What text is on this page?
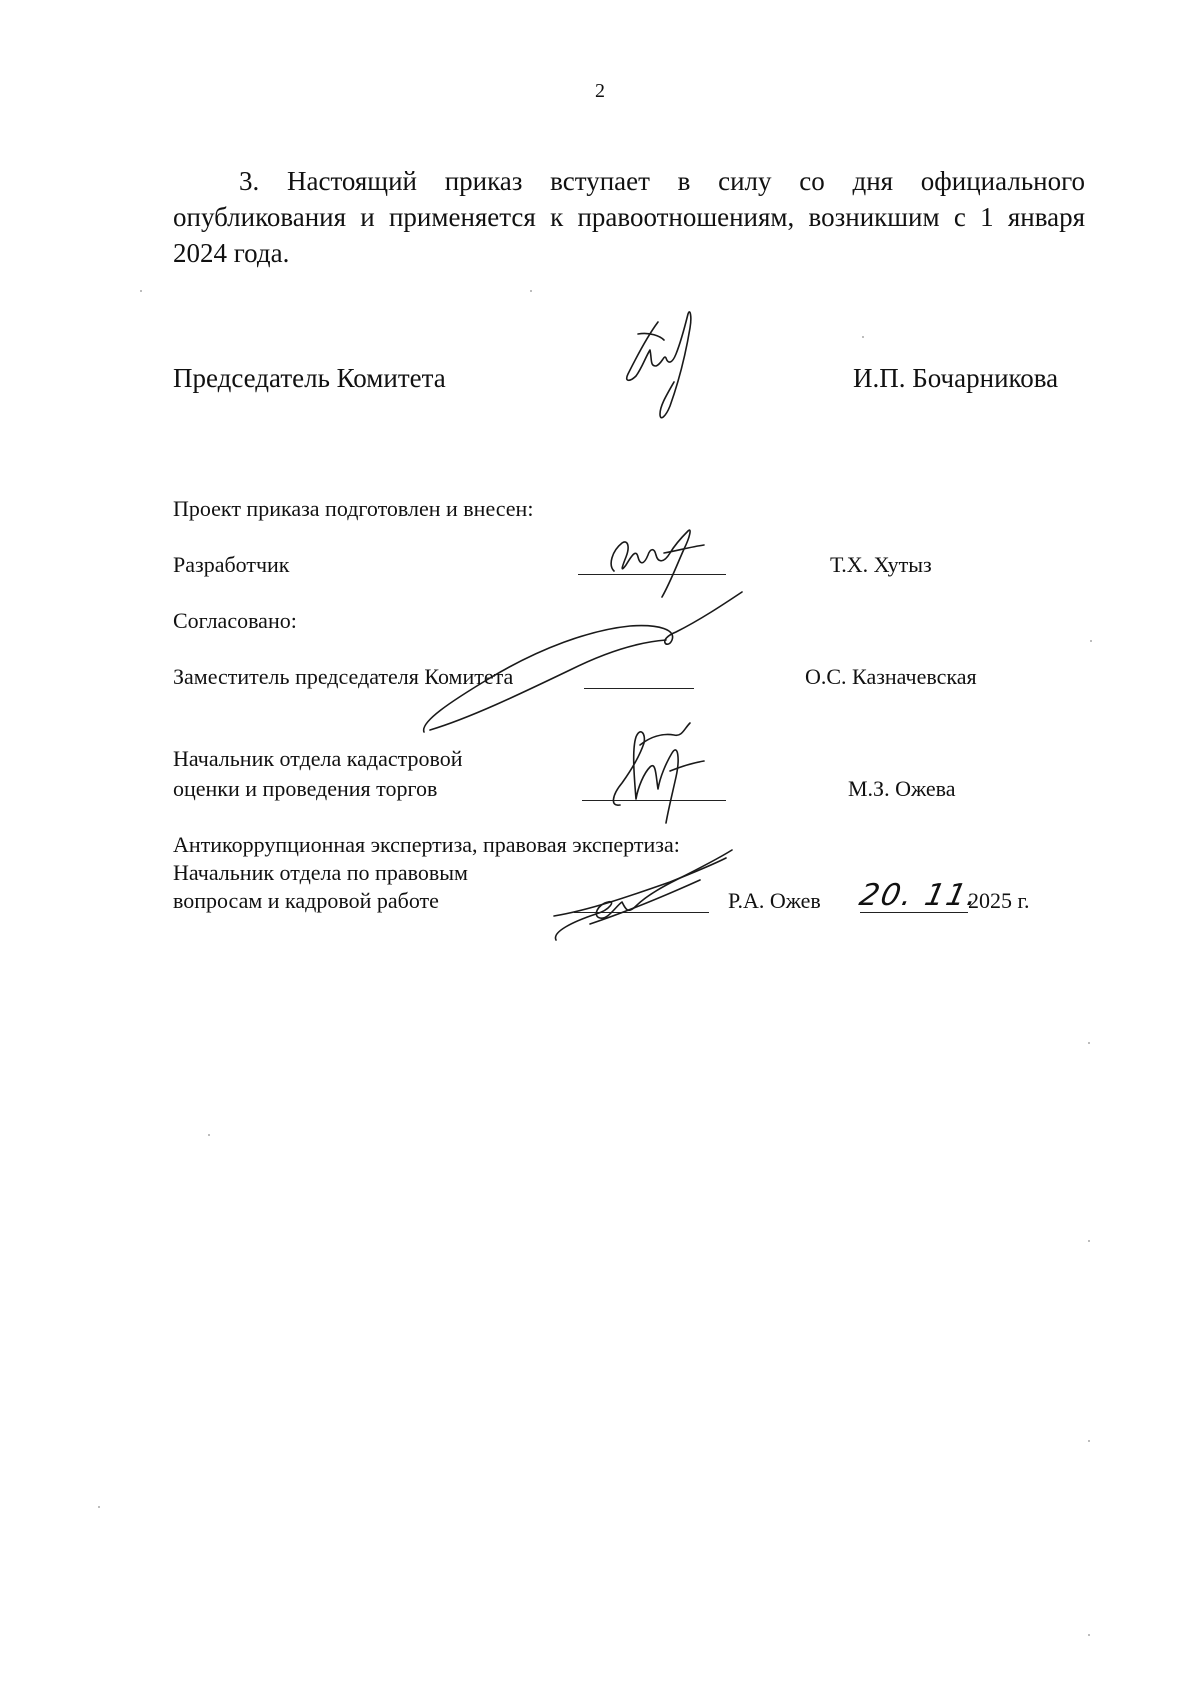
2
3. Настоящий приказ вступает в силу со дня официального опубликования и применяется к правоотношениям, возникшим с 1 января 2024 года.
Председатель Комитета	И.П. Бочарникова
Проект приказа подготовлен и внесен:
Разработчик	Т.Х. Хутыз
Согласовано:
Заместитель председателя Комитета	О.С. Казначевская
Начальник отдела кадастровой
оценки и проведения торгов	М.З. Ожева
Антикоррупционная экспертиза, правовая экспертиза:
Начальник отдела по правовым
вопросам и кадровой работе	Р.А. Ожев 20. 11.
2025 г.
